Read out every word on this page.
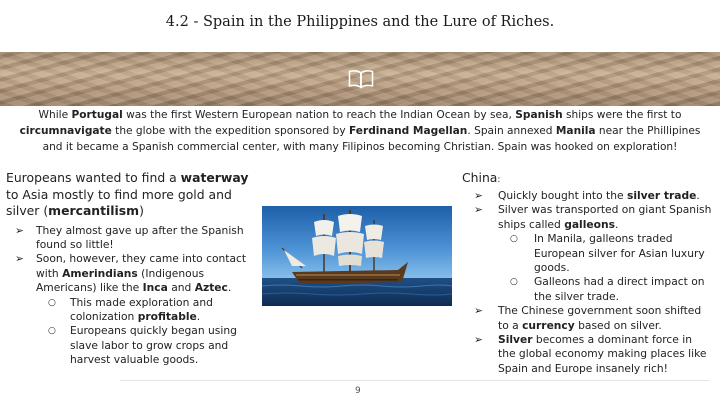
4.2 - Spain in the Philippines and the Lure of Riches.
While Portugal was the first Western European nation to reach the Indian Ocean by sea, Spanish ships were the first to circumnavigate the globe with the expedition sponsored by Ferdinand Magellan. Spain annexed Manila near the Phillipines and it became a Spanish commercial center, with many Filipinos becoming Christian. Spain was hooked on exploration!

Europeans wanted to find a waterway to Asia mostly to find more gold and silver (mercantilism)

➢ They almost gave up after the Spanish found so little!
➢ Soon, however, they came into contact with Amerindians (Indigenous Americans) like the Inca and Aztec.
○ This made exploration and colonization profitable.
○ Europeans quickly began using slave labor to grow crops and harvest valuable goods.

China:

➢ Quickly bought into the silver trade.
➢ Silver was transported on giant Spanish ships called galleons.
○ In Manila, galleons traded European silver for Asian luxury goods.
○ Galleons had a direct impact on the silver trade.
➢ The Chinese government soon shifted to a currency based on silver.
➢ Silver becomes a dominant force in the global economy making places like Spain and Europe insanely rich!
9
